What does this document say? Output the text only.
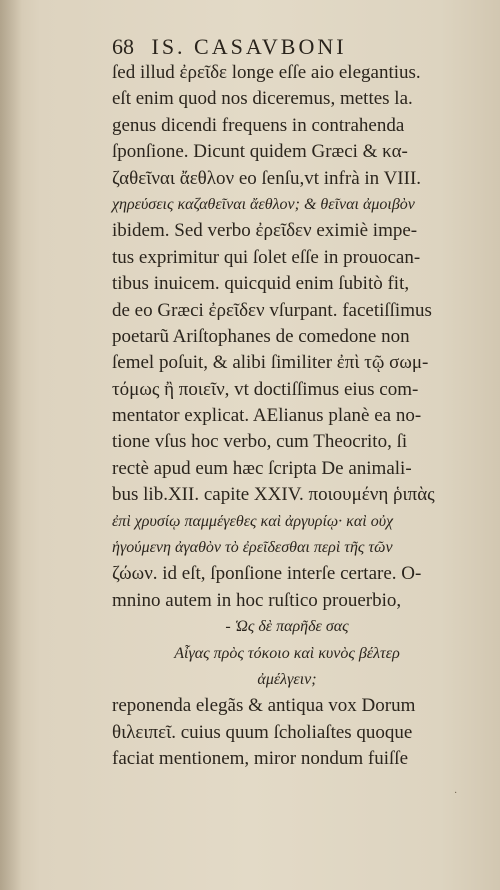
68 IS. CASAVBONI
ſed illud ἐρεῖδε longe eſſe aio elegantius.
eſt enim quod nos diceremus, mettes la.
genus dicendi frequens in contrahenda
ſponſione. Dicunt quidem Græci & κα-
ζαθεῖναι ἄεθλον eo ſenſu,vt infrà in VIII.
χηρεύσεις καζαθεῖναι ἄεθλον; & θεῖναι ἀμοιβὸν
ibidem. Sed verbo ἐρεῖδεν eximiè impe-
tus exprimitur qui ſolet eſſe in prouocan-
tibus inuicem. quicquid enim ſubitò fit,
de eo Græci ἐρεῖδεν vſurpant. facetiſſimus
poetarũ Ariſtophanes de comedone non
ſemel poſuit, & alibi ſimiliter ἐπὶ τῷ σωμ-
τόμως ἢ ποιεῖν, vt doctiſſimus eius com-
mentator explicat. AElianus planè ea no-
tione vſus hoc verbo, cum Theocrito, ſi
rectè apud eum hæc ſcripta De animali-
bus lib.XII. capite XXIV. ποιουμένη ῥιπὰς
ἐπὶ χρυσίῳ παμμέγεθες καὶ ἀργυρίῳ· καὶ οὐχ
ἡγούμενη ἀγαθὸν τὸ ἐρεῖδεσθαι περὶ τῆς τῶν
ζώων. id eſt, ſponſione interſe certare. O-
mnino autem in hoc ruſtico prouerbio,
- Ὡς δὲ παρῆδε σας
Αἶγας πρὸς τόκοιο καὶ κυνὸς βέλτερ
ἀμέλγειν;
reponenda elegãs & antiqua vox Dorum
θιλειπεῖ. cuius quum ſcholiaſtes quoque
faciat mentionem, miror nondum fuiſſe
·
